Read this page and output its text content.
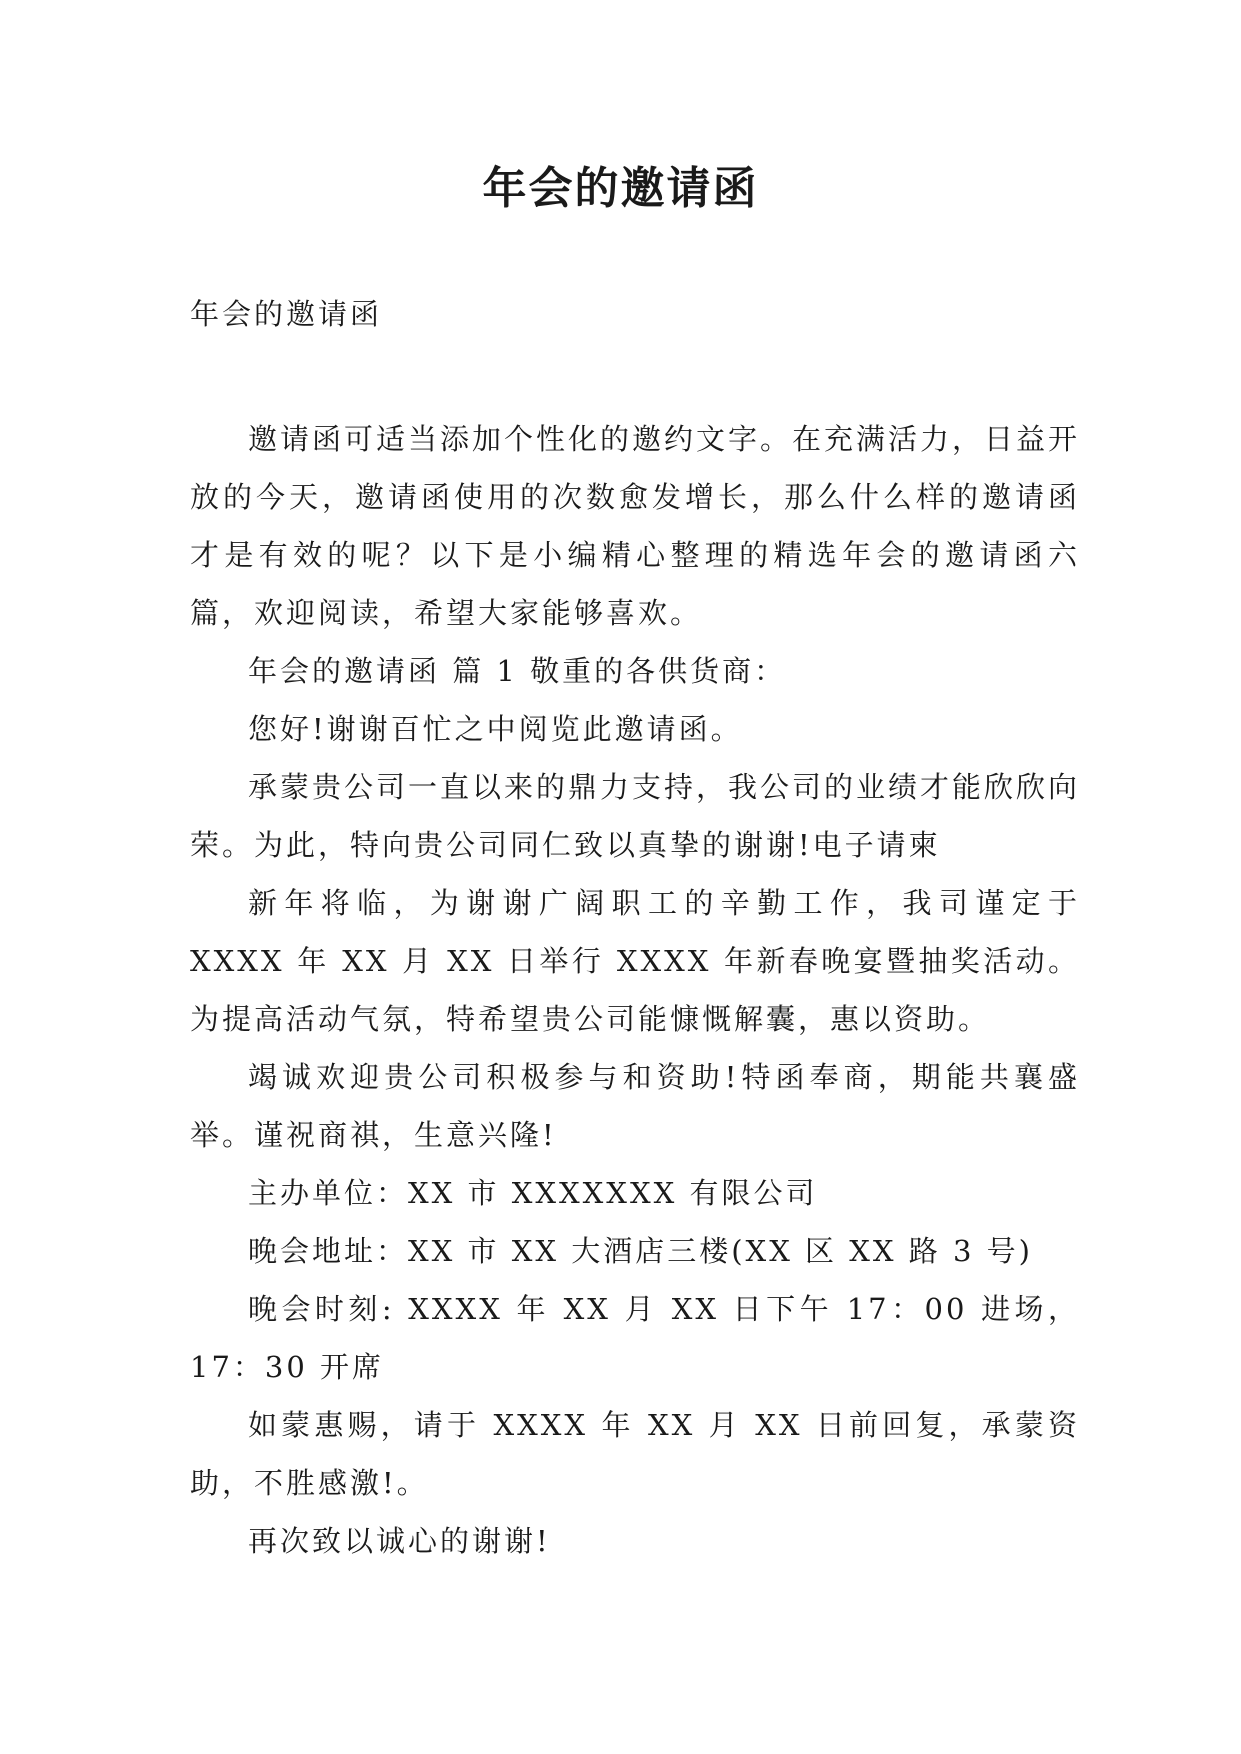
年会的邀请函
年会的邀请函

邀请函可适当添加个性化的邀约文字。在充满活力，日益开放的今天，邀请函使用的次数愈发增长，那么什么样的邀请函才是有效的呢？以下是小编精心整理的精选年会的邀请函六篇，欢迎阅读，希望大家能够喜欢。

年会的邀请函 篇 1 敬重的各供货商：

您好!谢谢百忙之中阅览此邀请函。

承蒙贵公司一直以来的鼎力支持，我公司的业绩才能欣欣向荣。为此，特向贵公司同仁致以真挚的谢谢!电子请柬

新年将临，为谢谢广阔职工的辛勤工作，我司谨定于 XXXX 年 XX 月 XX 日举行 XXXX 年新春晚宴暨抽奖活动。为提高活动气氛，特希望贵公司能慷慨解囊，惠以资助。

竭诚欢迎贵公司积极参与和资助!特函奉商，期能共襄盛举。谨祝商祺，生意兴隆!

主办单位：XX 市 XXXXXXX 有限公司

晚会地址：XX 市 XX 大酒店三楼(XX 区 XX 路 3 号)

晚会时刻: XXXX 年 XX 月 XX 日下午 17：00 进场，17：30 开席

如蒙惠赐，请于 XXXX 年 XX 月 XX 日前回复，承蒙资助，不胜感激!。

再次致以诚心的谢谢!
